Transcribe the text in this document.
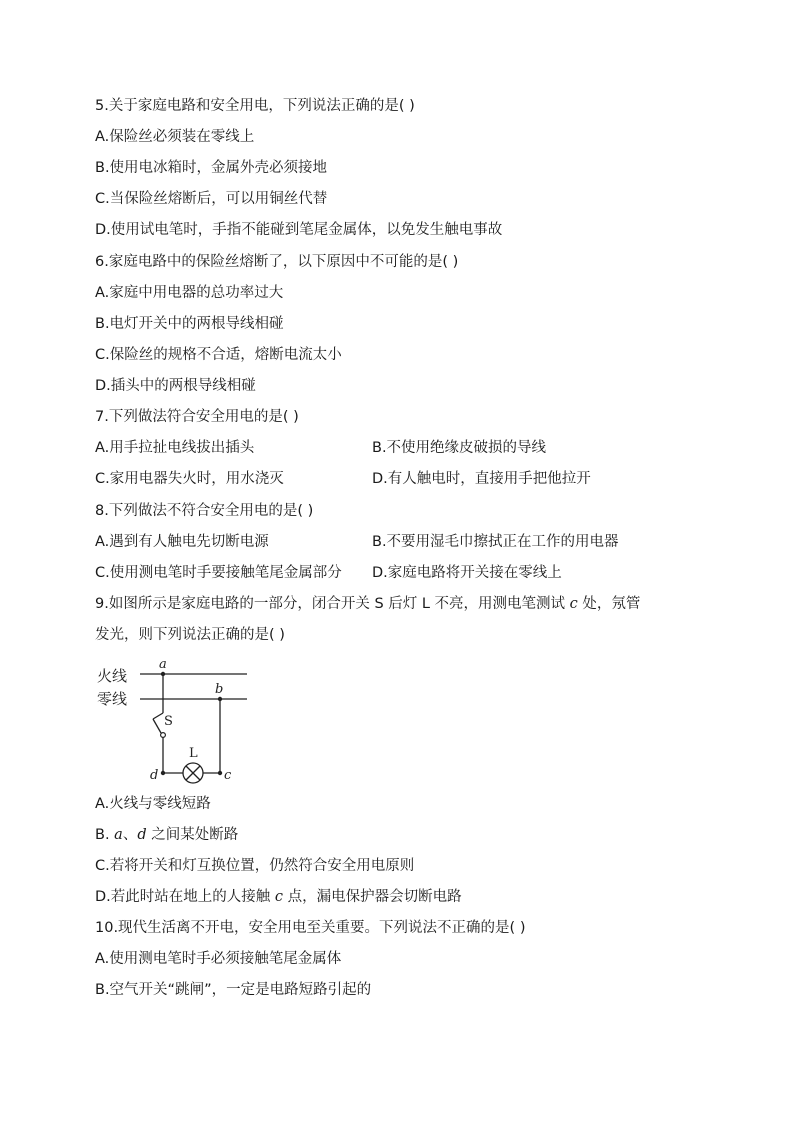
5.关于家庭电路和安全用电，下列说法正确的是( )
A.保险丝必须装在零线上
B.使用电冰箱时，金属外壳必须接地
C.当保险丝熔断后，可以用铜丝代替
D.使用试电笔时，手指不能碰到笔尾金属体，以免发生触电事故
6.家庭电路中的保险丝熔断了，以下原因中不可能的是( )
A.家庭中用电器的总功率过大
B.电灯开关中的两根导线相碰
C.保险丝的规格不合适，熔断电流太小
D.插头中的两根导线相碰
7.下列做法符合安全用电的是( )
A.用手拉扯电线拔出插头	B.不使用绝缘皮破损的导线
C.家用电器失火时，用水浇灭	D.有人触电时，直接用手把他拉开
8.下列做法不符合安全用电的是( )
A.遇到有人触电先切断电源	B.不要用湿毛巾擦拭正在工作的用电器
C.使用测电笔时手要接触笔尾金属部分 D.家庭电路将开关接在零线上
9.如图所示是家庭电路的一部分，闭合开关 S 后灯 L 不亮，用测电笔测试 c 处，氖管
发光，则下列说法正确的是( )
火线
零线
a
S
d
L
c
b
A.火线与零线短路
B. a、d 之间某处断路
C.若将开关和灯互换位置，仍然符合安全用电原则
D.若此时站在地上的人接触 c 点，漏电保护器会切断电路
10.现代生活离不开电，安全用电至关重要。下列说法不正确的是( )
A.使用测电笔时手必须接触笔尾金属体
B.空气开关“跳闸”，一定是电路短路引起的
